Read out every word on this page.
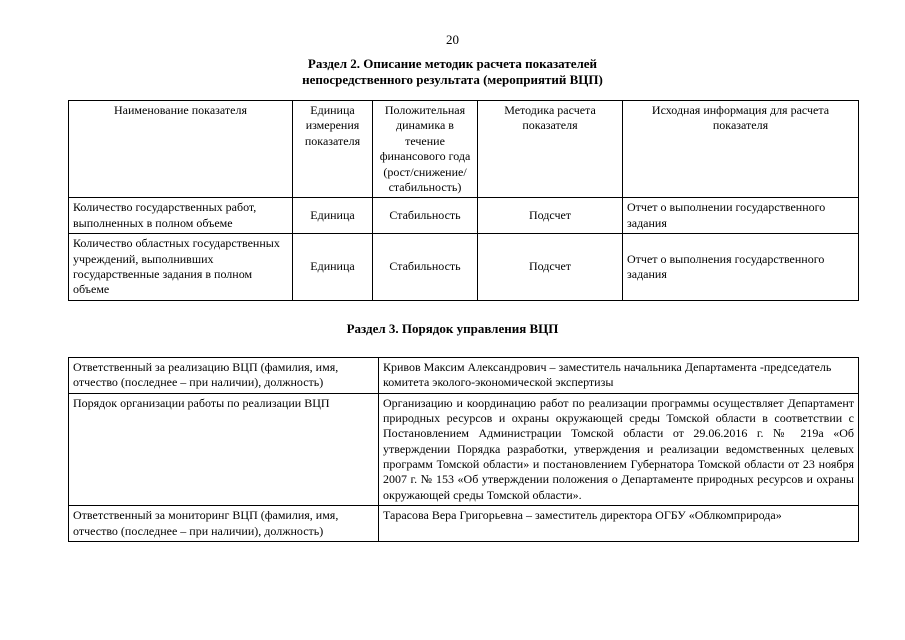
20
Раздел 2. Описание методик расчета показателей
непосредственного результата (мероприятий ВЦП)
Наименование показателя	Единица измерения показателя	Положительная динамика в течение финансового года (рост/снижение/ стабильность)	Методика расчета показателя	Исходная информация для расчета показателя
Количество государственных работ, выполненных в полном объеме	Единица	Стабильность	Подсчет	Отчет о выполнении государственного задания
Количество областных государственных учреждений, выполнивших государственные задания в полном объеме	Единица	Стабильность	Подсчет	Отчет о выполнения государственного задания
Раздел 3. Порядок управления ВЦП
Ответственный за реализацию ВЦП (фамилия, имя, отчество (последнее – при наличии), должность)	Кривов Максим Александрович – заместитель начальника Департамента -председатель комитета эколого-экономической экспертизы
Порядок организации работы по реализации ВЦП	Организацию и координацию работ по реализации программы осуществляет Департамент природных ресурсов и охраны окружающей среды Томской области в соответствии с Постановлением Администрации Томской области от 29.06.2016 г. № 219а «Об утверждении Порядка разработки, утверждения и реализации ведомственных целевых программ Томской области» и постановлением Губернатора Томской области от 23 ноября 2007 г. № 153 «Об утверждении положения о Департаменте природных ресурсов и охраны окружающей среды Томской области».
Ответственный за мониторинг ВЦП (фамилия, имя, отчество (последнее – при наличии), должность)	Тарасова Вера Григорьевна – заместитель директора ОГБУ «Облкомприрода»
